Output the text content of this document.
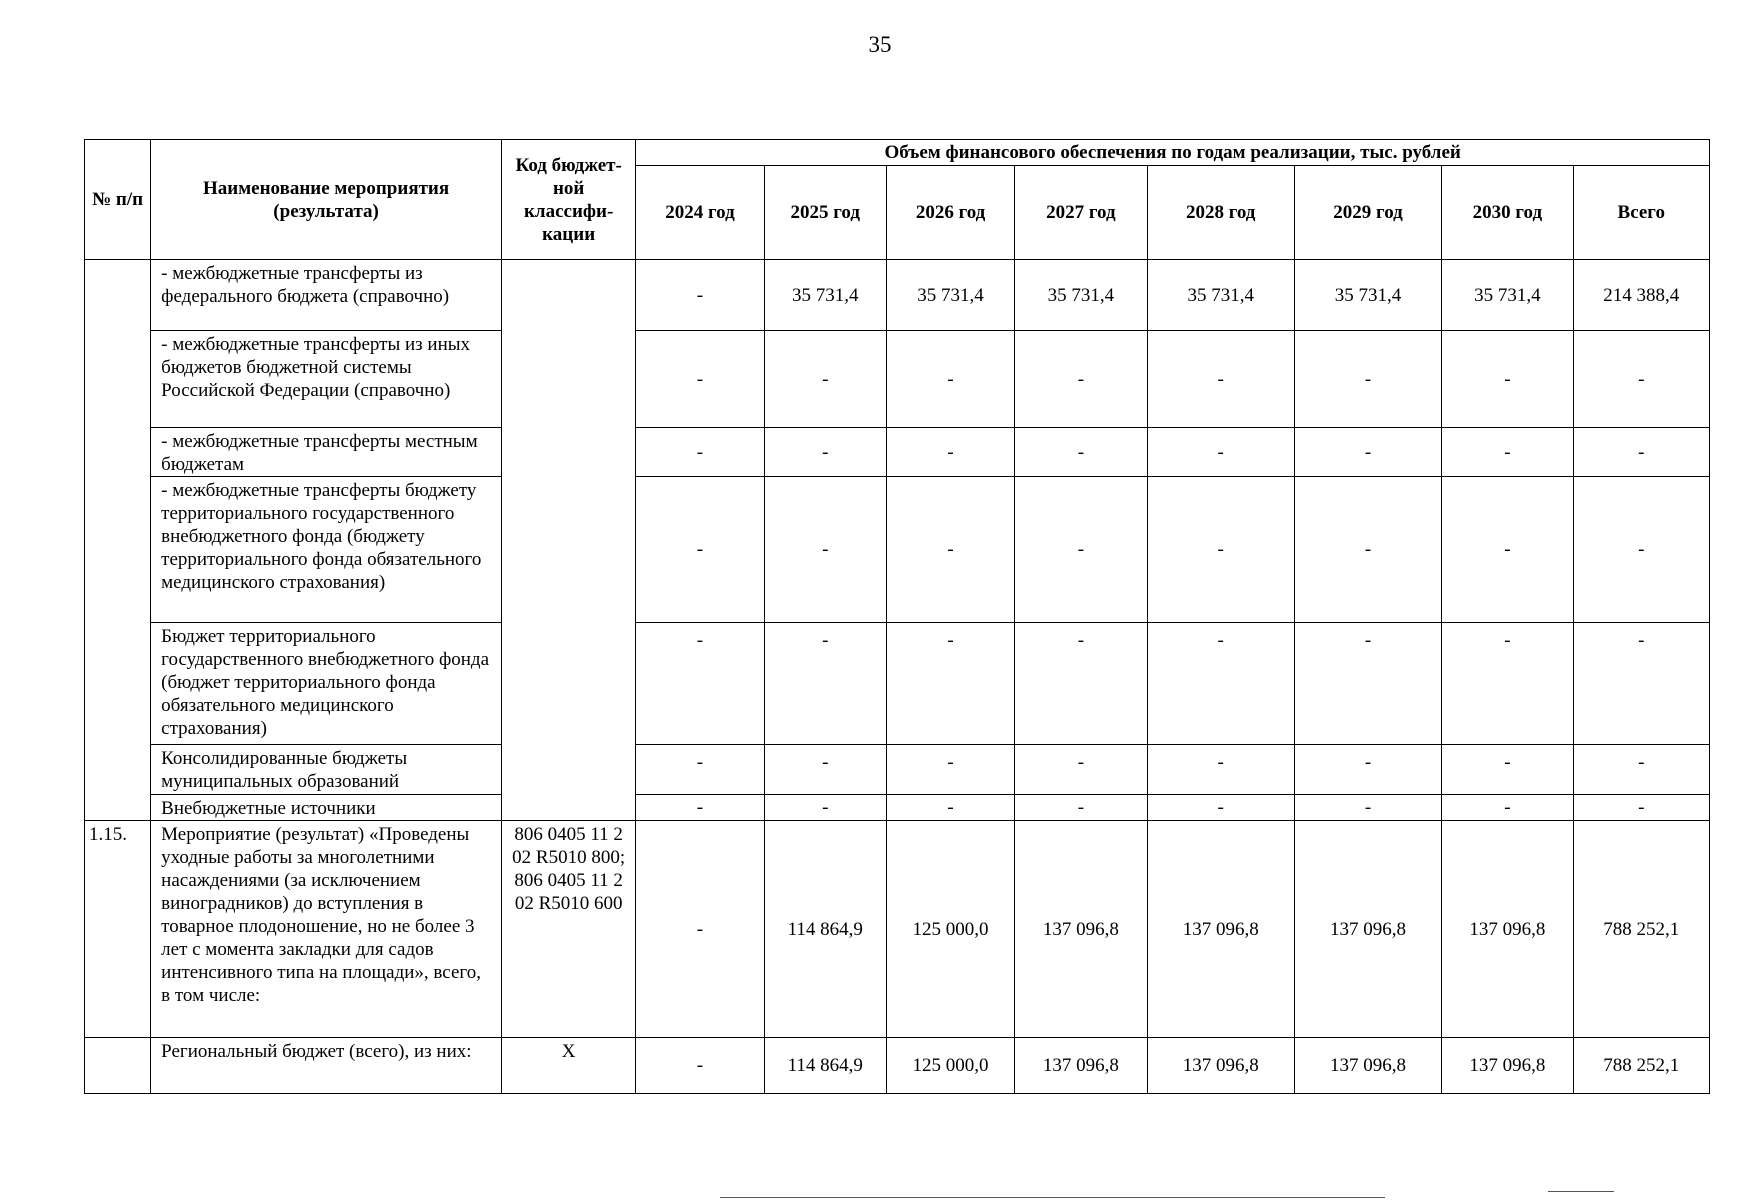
35
№ п/п	Наименование мероприятия (результата)	Код бюджет-ной классифи-кации	Объем финансового обеспечения по годам реализации, тыс. рублей							
			2024 год	2025 год	2026 год	2027 год	2028 год	2029 год	2030 год	Всего
	- межбюджетные трансферты из федерального бюджета (справочно)		-	35 731,4	35 731,4	35 731,4	35 731,4	35 731,4	35 731,4	214 388,4
	- межбюджетные трансферты из иных бюджетов бюджетной системы Российской Федерации (справочно)		-	-	-	-	-	-	-	-
	- межбюджетные трансферты местным бюджетам		-	-	-	-	-	-	-	-
	- межбюджетные трансферты бюджету территориального государственного внебюджетного фонда (бюджету территориального фонда обязательного медицинского страхования)		-	-	-	-	-	-	-	-
	Бюджет территориального государственного внебюджетного фонда (бюджет территориального фонда обязательного медицинского страхования)		-	-	-	-	-	-	-	-
	Консолидированные бюджеты муниципальных образований		-	-	-	-	-	-	-	-
	Внебюджетные источники		-	-	-	-	-	-	-	-
1.15.	Мероприятие (результат) «Проведены уходные работы за многолетними насаждениями (за исключением виноградников) до вступления в товарное плодоношение, но не более 3 лет с момента закладки для садов интенсивного типа на площади», всего, в том числе:	806 0405 11 2 02 R5010 800; 806 0405 11 2 02 R5010 600	-	114 864,9	125 000,0	137 096,8	137 096,8	137 096,8	137 096,8	788 252,1
	Региональный бюджет (всего), из них:	X	-	114 864,9	125 000,0	137 096,8	137 096,8	137 096,8	137 096,8	788 252,1
